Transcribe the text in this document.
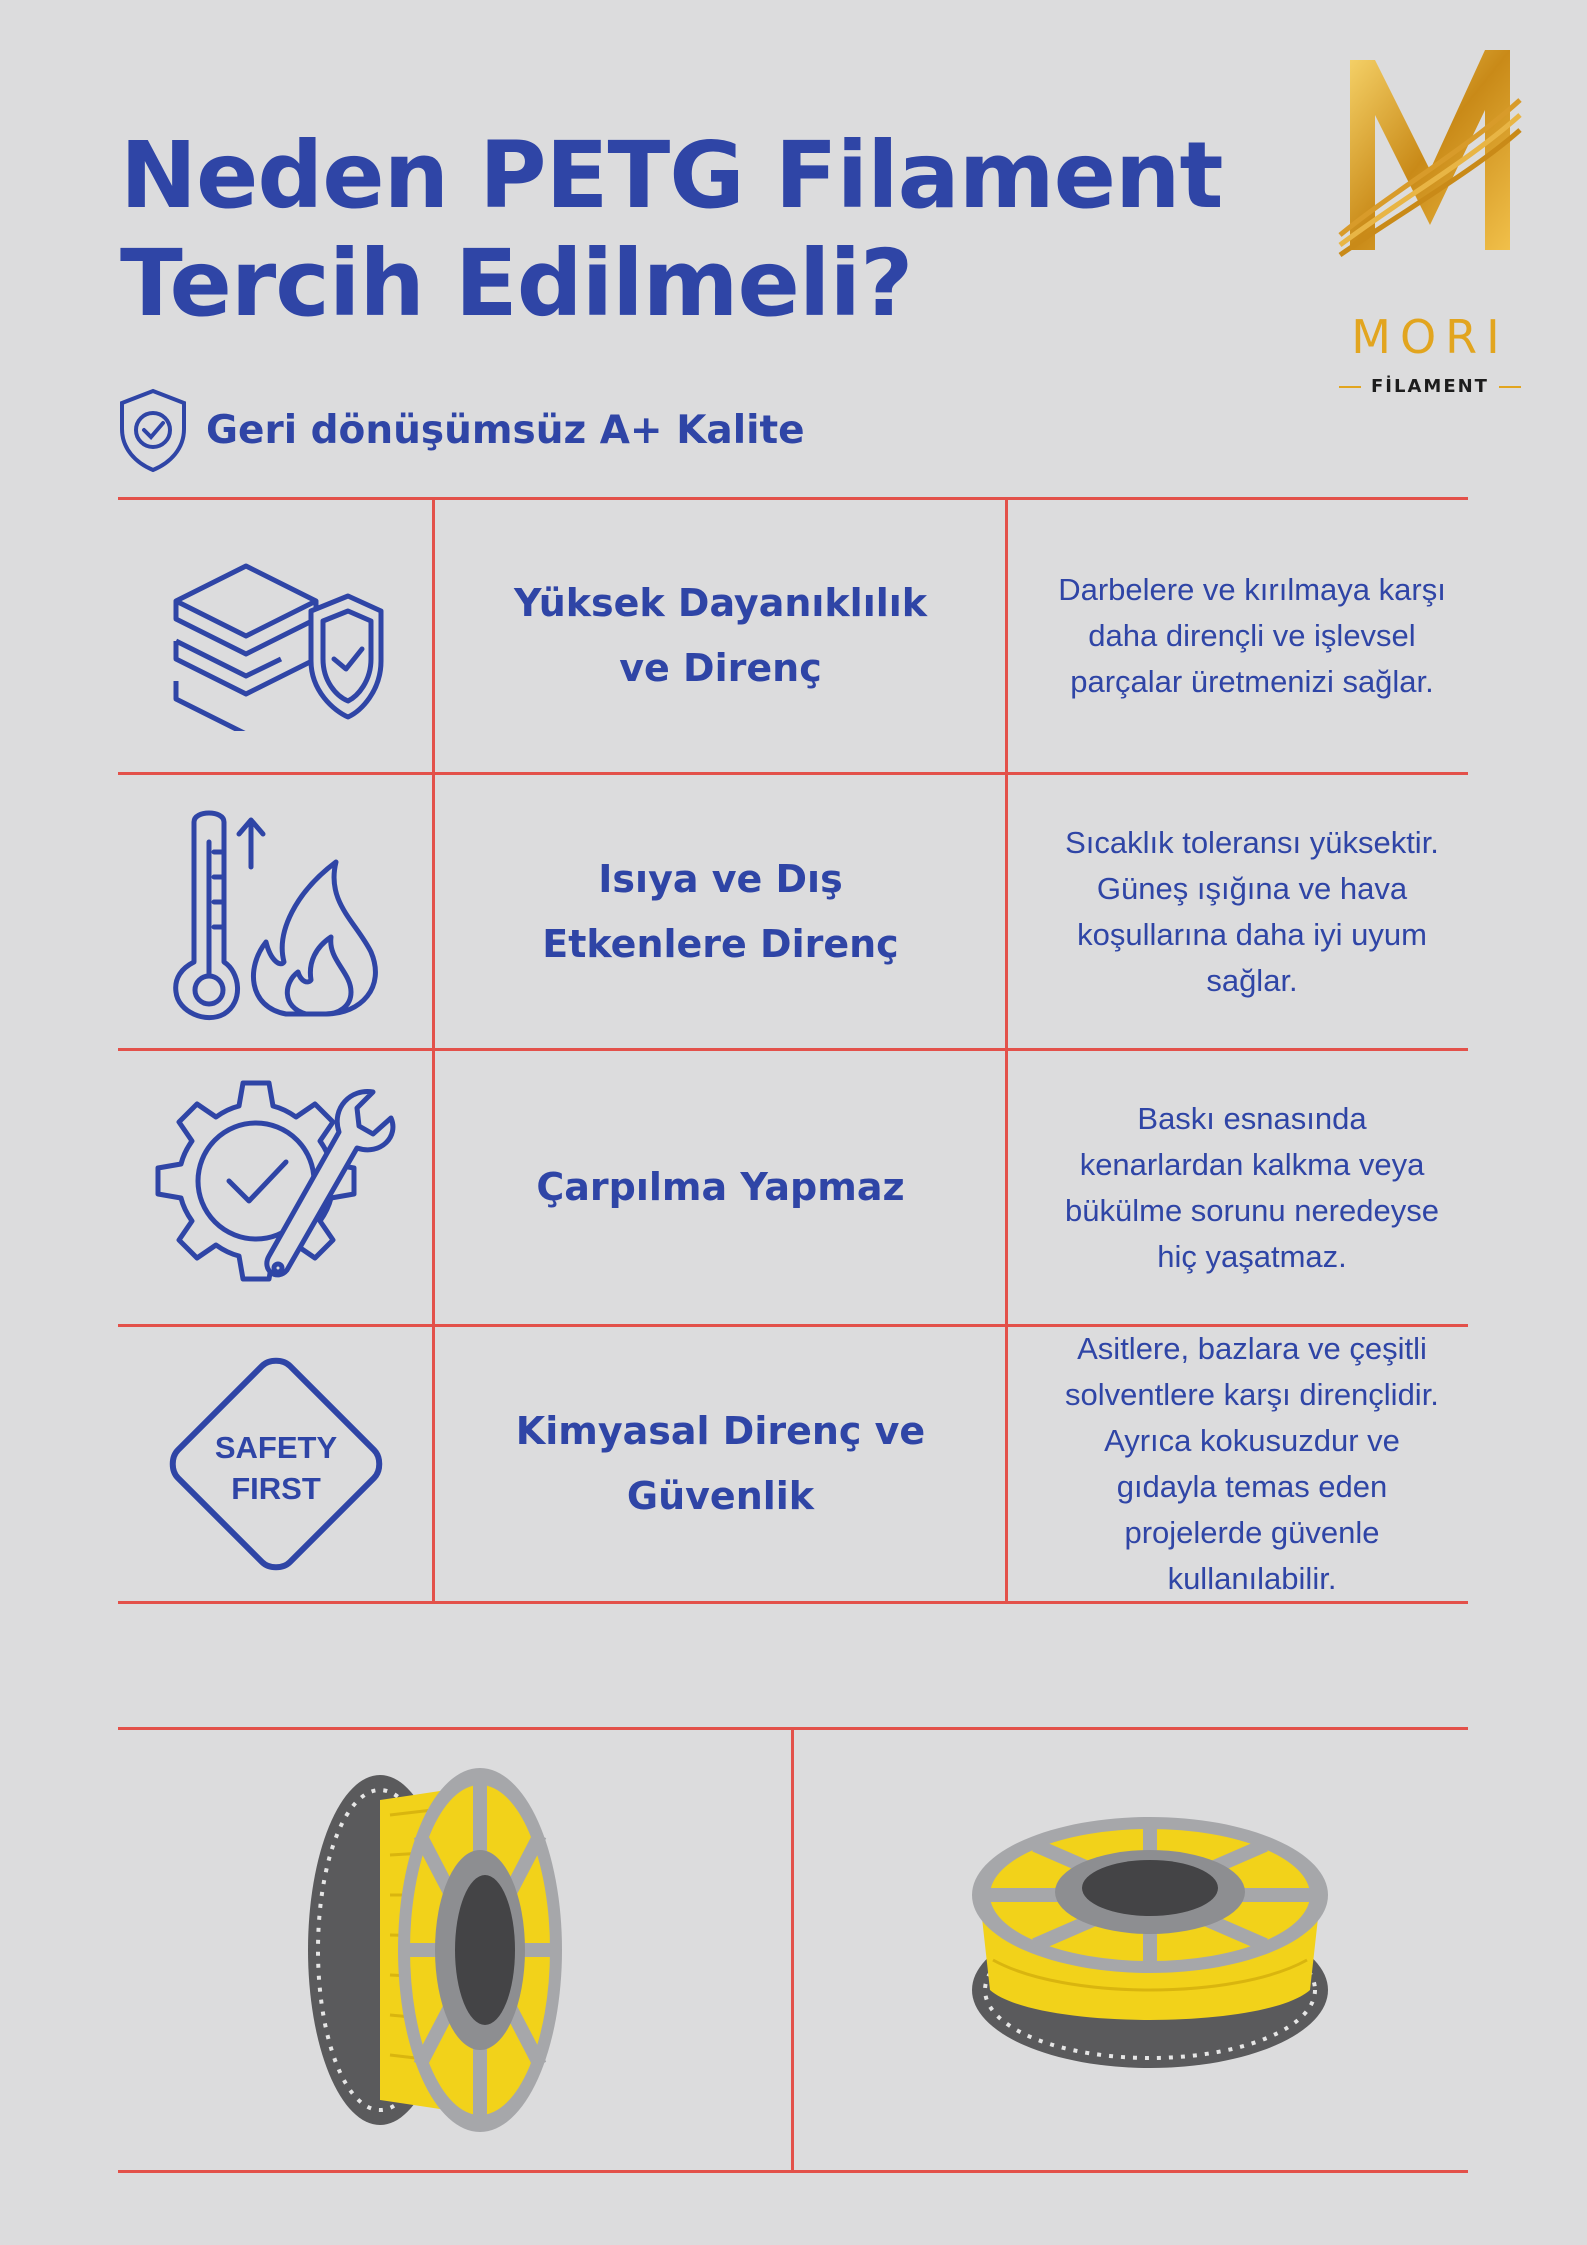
Neden PETG Filament Tercih Edilmeli?	MORI
FİLAMENT
Geri dönüşümsüz A+ Kalite
Yüksek Dayanıklılık ve Direnç
Darbelere ve kırılmaya karşı daha dirençli ve işlevsel parçalar üretmenizi sağlar.
Isıya ve Dış Etkenlere Direnç
Sıcaklık toleransı yüksektir. Güneş ışığına ve hava koşullarına daha iyi uyum sağlar.
Çarpılma Yapmaz
Baskı esnasında kenarlardan kalkma veya bükülme sorunu neredeyse hiç yaşatmaz.
SAFETY
FIRST
Kimyasal Direnç ve Güvenlik
Asitlere, bazlara ve çeşitli solventlere karşı dirençlidir. Ayrıca kokusuzdur ve gıdayla temas eden projelerde güvenle kullanılabilir.
